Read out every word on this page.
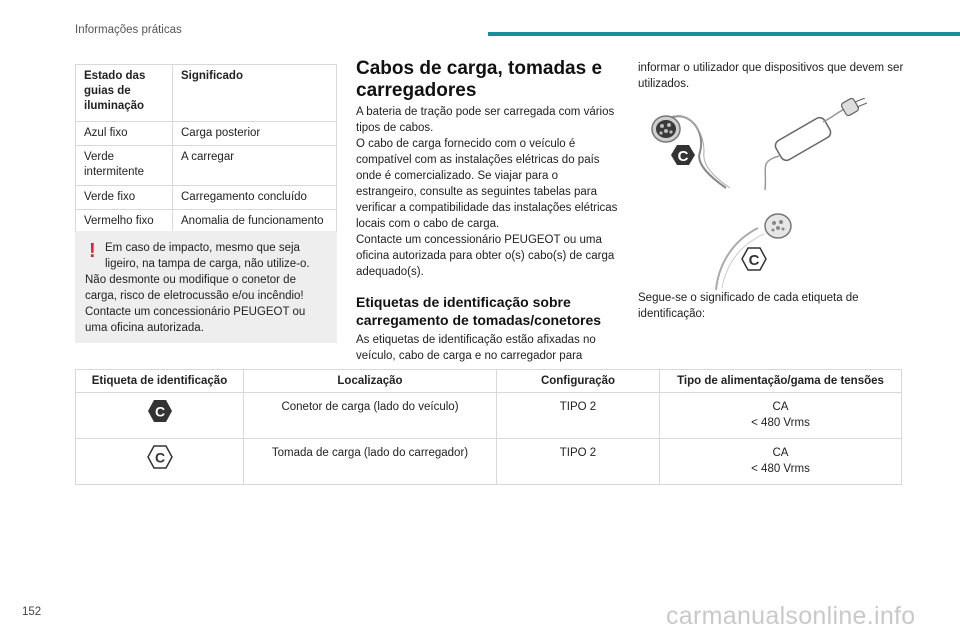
Informações práticas
Estado das guias de iluminação	Significado
Azul fixo	Carga posterior
Verde intermitente	A carregar
Verde fixo	Carregamento concluído
Vermelho fixo	Anomalia de funcionamento
! Em caso de impacto, mesmo que seja ligeiro, na tampa de carga, não utilize-o.
Não desmonte ou modifique o conetor de carga, risco de eletrocussão e/ou incêndio!
Contacte um concessionário PEUGEOT ou uma oficina autorizada.
Cabos de carga, tomadas e carregadores
A bateria de tração pode ser carregada com vários tipos de cabos.
O cabo de carga fornecido com o veículo é compatível com as instalações elétricas do país onde é comercializado. Se viajar para o estrangeiro, consulte as seguintes tabelas para verificar a compatibilidade das instalações elétricas locais com o cabo de carga.
Contacte um concessionário PEUGEOT ou uma oficina autorizada para obter o(s) cabo(s) de carga adequado(s).
Etiquetas de identificação sobre carregamento de tomadas/conetores
As etiquetas de identificação estão afixadas no veículo, cabo de carga e no carregador para
informar o utilizador que dispositivos que devem ser utilizados.
C
C
Segue-se o significado de cada etiqueta de identificação:
Etiqueta de identificação	Localização	Configuração	Tipo de alimentação/gama de tensões

C	Conetor de carga (lado do veículo)	TIPO 2	CA
< 480 Vrms

C	Tomada de carga (lado do carregador)	TIPO 2	CA
< 480 Vrms
152	carmanualsonline.info
